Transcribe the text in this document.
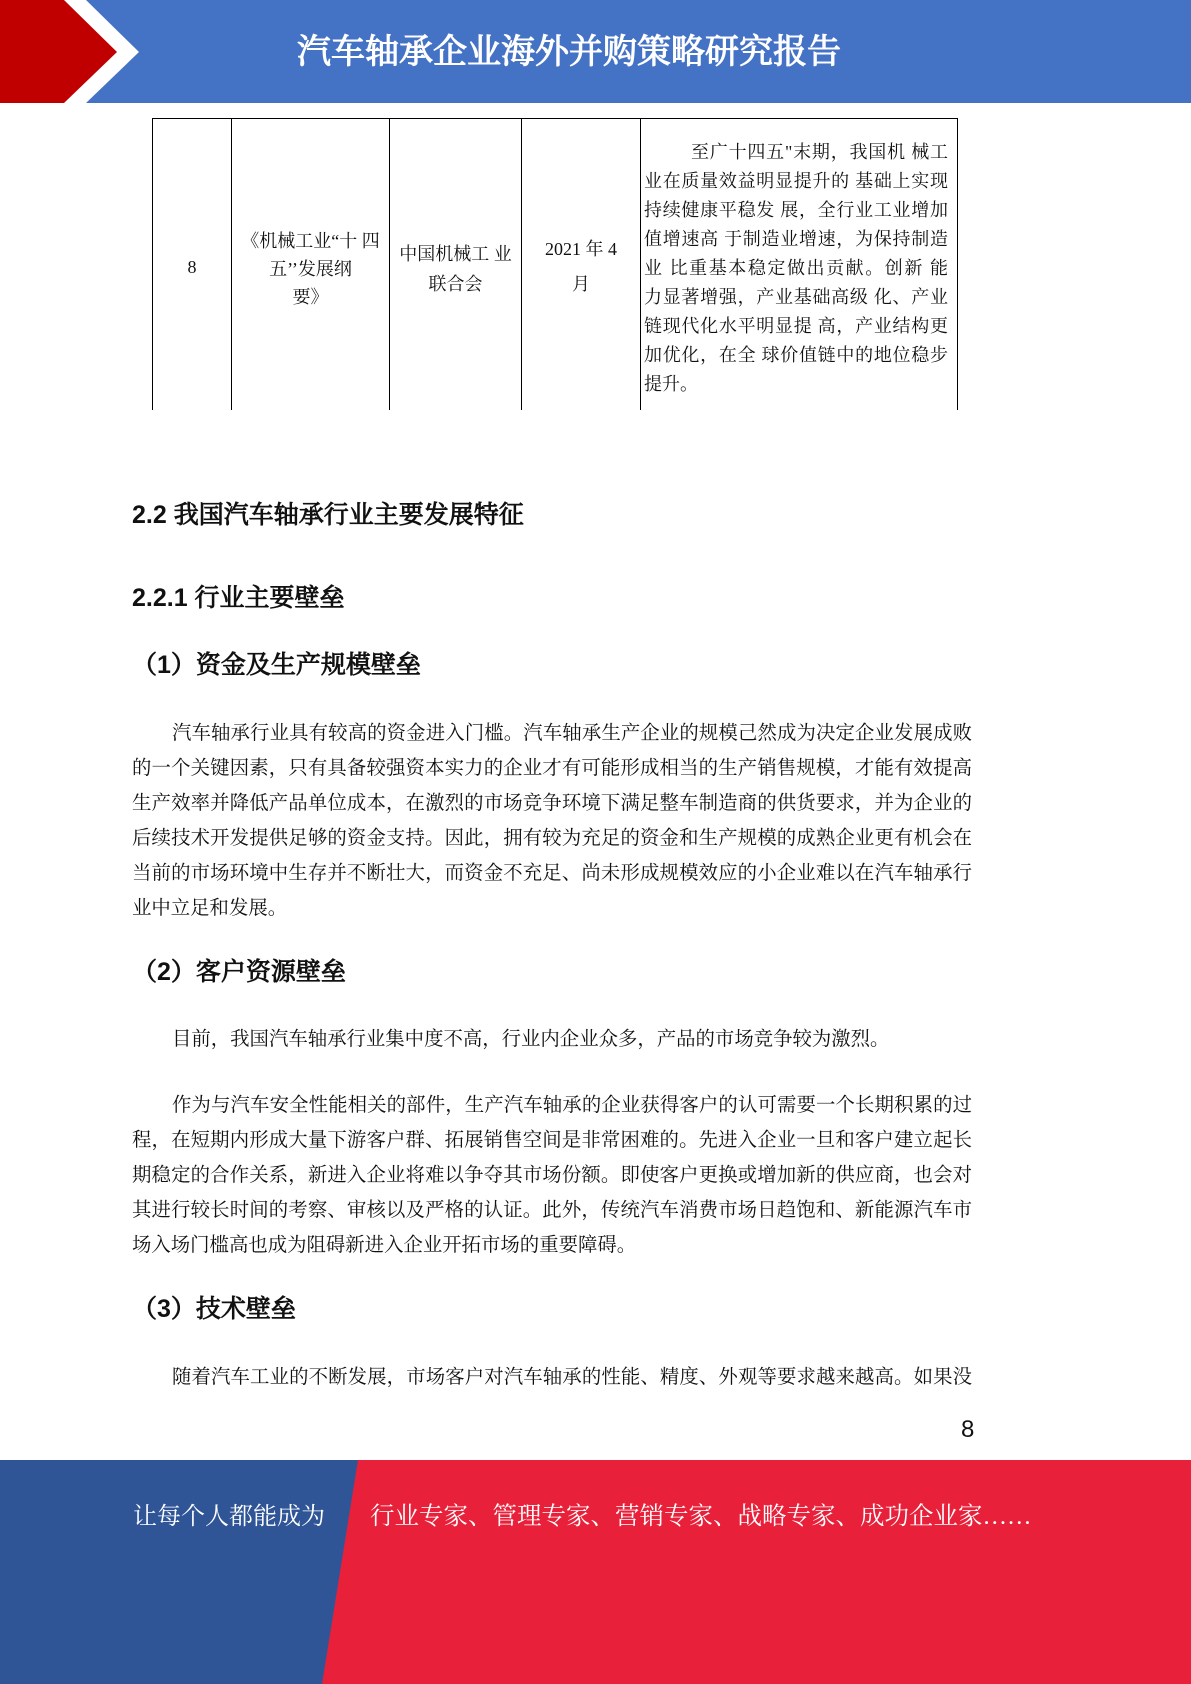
汽车轴承企业海外并购策略研究报告
8
《机械工业“十 四
五’’发展纲
要》
中国机械工 业
联合会
2021 年 4
月
至广十四五"末期，我国机 械工
业在质量效益明显提升的 基础上实现
持续健康平稳发 展，全行业工业增加
值增速高 于制造业增速，为保持制造
业 比重基本稳定做出贡献。创新 能
力显著增强，产业基础高级 化、产业
链现代化水平明显提 高，产业结构更
加优化，在全 球价值链中的地位稳步
提升。
2.2 我国汽车轴承行业主要发展特征
2.2.1 行业主要壁垒
（1）资金及生产规模壁垒
汽车轴承行业具有较高的资金进入门槛。汽车轴承生产企业的规模己然成为决定企业发展成败
的一个关键因素，只有具备较强资本实力的企业才有可能形成相当的生产销售规模，才能有效提高
生产效率并降低产品单位成本，在激烈的市场竞争环境下满足整车制造商的供货要求，并为企业的
后续技术开发提供足够的资金支持。因此，拥有较为充足的资金和生产规模的成熟企业更有机会在
当前的市场环境中生存并不断壮大，而资金不充足、尚未形成规模效应的小企业难以在汽车轴承行
业中立足和发展。
（2）客户资源壁垒
目前，我国汽车轴承行业集中度不高，行业内企业众多，产品的市场竞争较为激烈。
作为与汽车安全性能相关的部件，生产汽车轴承的企业获得客户的认可需要一个长期积累的过
程，在短期内形成大量下游客户群、拓展销售空间是非常困难的。先进入企业一旦和客户建立起长
期稳定的合作关系，新进入企业将难以争夺其市场份额。即使客户更换或增加新的供应商，也会对
其进行较长时间的考察、审核以及严格的认证。此外，传统汽车消费市场日趋饱和、新能源汽车市
场入场门槛高也成为阻碍新进入企业开拓市场的重要障碍。
（3）技术壁垒
随着汽车工业的不断发展，市场客户对汽车轴承的性能、精度、外观等要求越来越高。如果没
8
让每个人都能成为 行业专家、管理专家、营销专家、战略专家、成功企业家……
